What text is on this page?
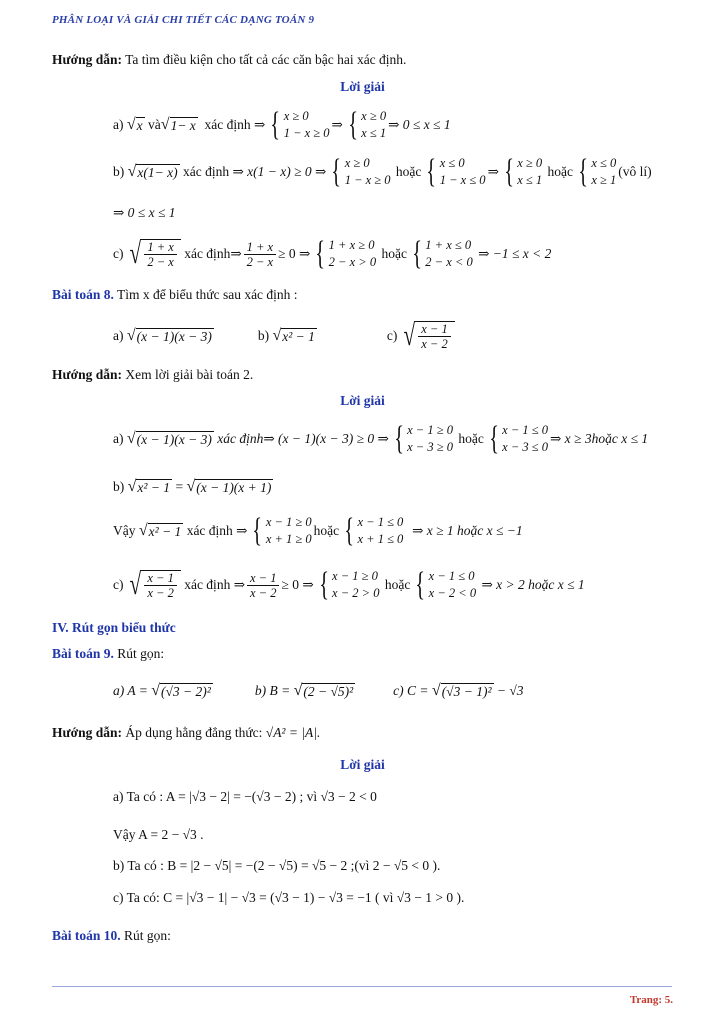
PHÂN LOẠI VÀ GIẢI CHI TIẾT CÁC DẠNG TOÁN 9
Hướng dẫn: Ta tìm điều kiện cho tất cả các căn bậc hai xác định.
Lời giải
a)
√ x
và √ 1− x
xác định ⇒ { x ≥ 0
1 − x ≥ 0
⇒ { x ≥ 0
x ≤ 1
⇒ 0 ≤ x ≤ 1
b)
√ x(1− x)
xác định ⇒
x(1 − x) ≥ 0 ⇒ { x ≥ 0
1 − x ≥ 0

hoặc { x ≤ 0
1 − x ≤ 0
⇒ { x ≥ 0
x ≤ 1

hoặc { x ≤ 0
x ≥ 1
(vô lí)
⇒ 0 ≤ x ≤ 1
c)
√ $\frac{1 + x}{2 - x}$
xác định⇒ $\frac{1 + x}{2 - x} \ge 0$ ⇒ { 1 + x ≥ 0
2 − x > 0

hoặc { 1 + x ≤ 0
2 − x < 0

⇒ −1 ≤ x < 2
Bài toán 8. Tìm x để biểu thức sau xác định :
a)
√ (x − 1)(x − 3)	b)
√ x² − 1	c)
√ $\frac{x - 1}{x - 2}$
Hướng dẫn: Xem lời giải bài toán 2.
Lời giải
a)
√ (x − 1)(x − 3)
xác định⇒ (x − 1)(x − 3) ≥ 0 ⇒ { x − 1 ≥ 0
x − 3 ≥ 0

hoặc { x − 1 ≤ 0
x − 3 ≤ 0
⇒ x ≥ 3hoặc x ≤ 1
b)
√ x² − 1
=
√ (x − 1)(x + 1)
Vậy
√ x² − 1
xác định ⇒ { x − 1 ≥ 0
x + 1 ≥ 0
hoặc { x − 1 ≤ 0
x + 1 ≤ 0

⇒ x ≥ 1 hoặc x ≤ −1
c)
√ $\frac{x - 1}{x - 2}$
xác định ⇒ $\frac{x - 1}{x - 2} \ge 0$ ⇒ { x − 1 ≥ 0
x − 2 > 0

hoặc { x − 1 ≤ 0
x − 2 < 0

⇒ x > 2 hoặc x ≤ 1
IV. Rút gọn biểu thức
Bài toán 9. Rút gọn:
a) A =
√ (√3 − 2)²	b) B =
√ (2 − √5)²	c) C =
√ (√3 − 1)²
− √3
Hướng dẫn: Áp dụng hằng đẳng thức: √A² = |A|.
Lời giải
a) Ta có : A = |√3 − 2| = −(√3 − 2) ; vì √3 − 2 < 0
Vậy A = 2 − √3 .
b) Ta có : B = |2 − √5| = −(2 − √5) = √5 − 2 ;(vì 2 − √5 < 0 ).
c) Ta có: C = |√3 − 1| − √3 = (√3 − 1) − √3 = −1 ( vì √3 − 1 > 0 ).
Bài toán 10. Rút gọn:
Trang: 5.
